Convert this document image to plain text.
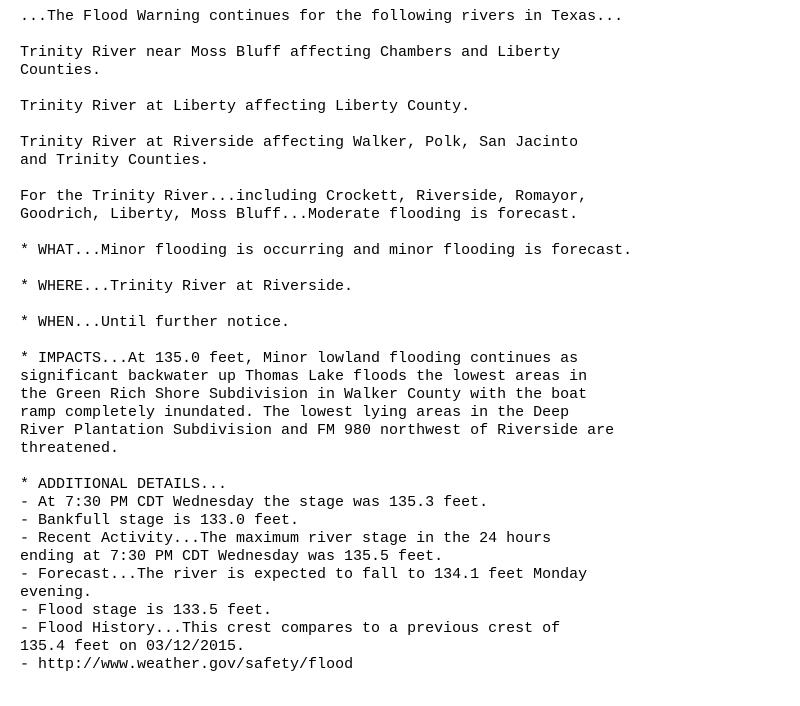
...The Flood Warning continues for the following rivers in Texas...

Trinity River near Moss Bluff affecting Chambers and Liberty
Counties.

Trinity River at Liberty affecting Liberty County.

Trinity River at Riverside affecting Walker, Polk, San Jacinto
and Trinity Counties.

For the Trinity River...including Crockett, Riverside, Romayor,
Goodrich, Liberty, Moss Bluff...Moderate flooding is forecast.

* WHAT...Minor flooding is occurring and minor flooding is forecast.

* WHERE...Trinity River at Riverside.

* WHEN...Until further notice.

* IMPACTS...At 135.0 feet, Minor lowland flooding continues as
significant backwater up Thomas Lake floods the lowest areas in
the Green Rich Shore Subdivision in Walker County with the boat
ramp completely inundated. The lowest lying areas in the Deep
River Plantation Subdivision and FM 980 northwest of Riverside are
threatened.

* ADDITIONAL DETAILS...
- At 7:30 PM CDT Wednesday the stage was 135.3 feet.
- Bankfull stage is 133.0 feet.
- Recent Activity...The maximum river stage in the 24 hours
ending at 7:30 PM CDT Wednesday was 135.5 feet.
- Forecast...The river is expected to fall to 134.1 feet Monday
evening.
- Flood stage is 133.5 feet.
- Flood History...This crest compares to a previous crest of
135.4 feet on 03/12/2015.
- http://www.weather.gov/safety/flood
